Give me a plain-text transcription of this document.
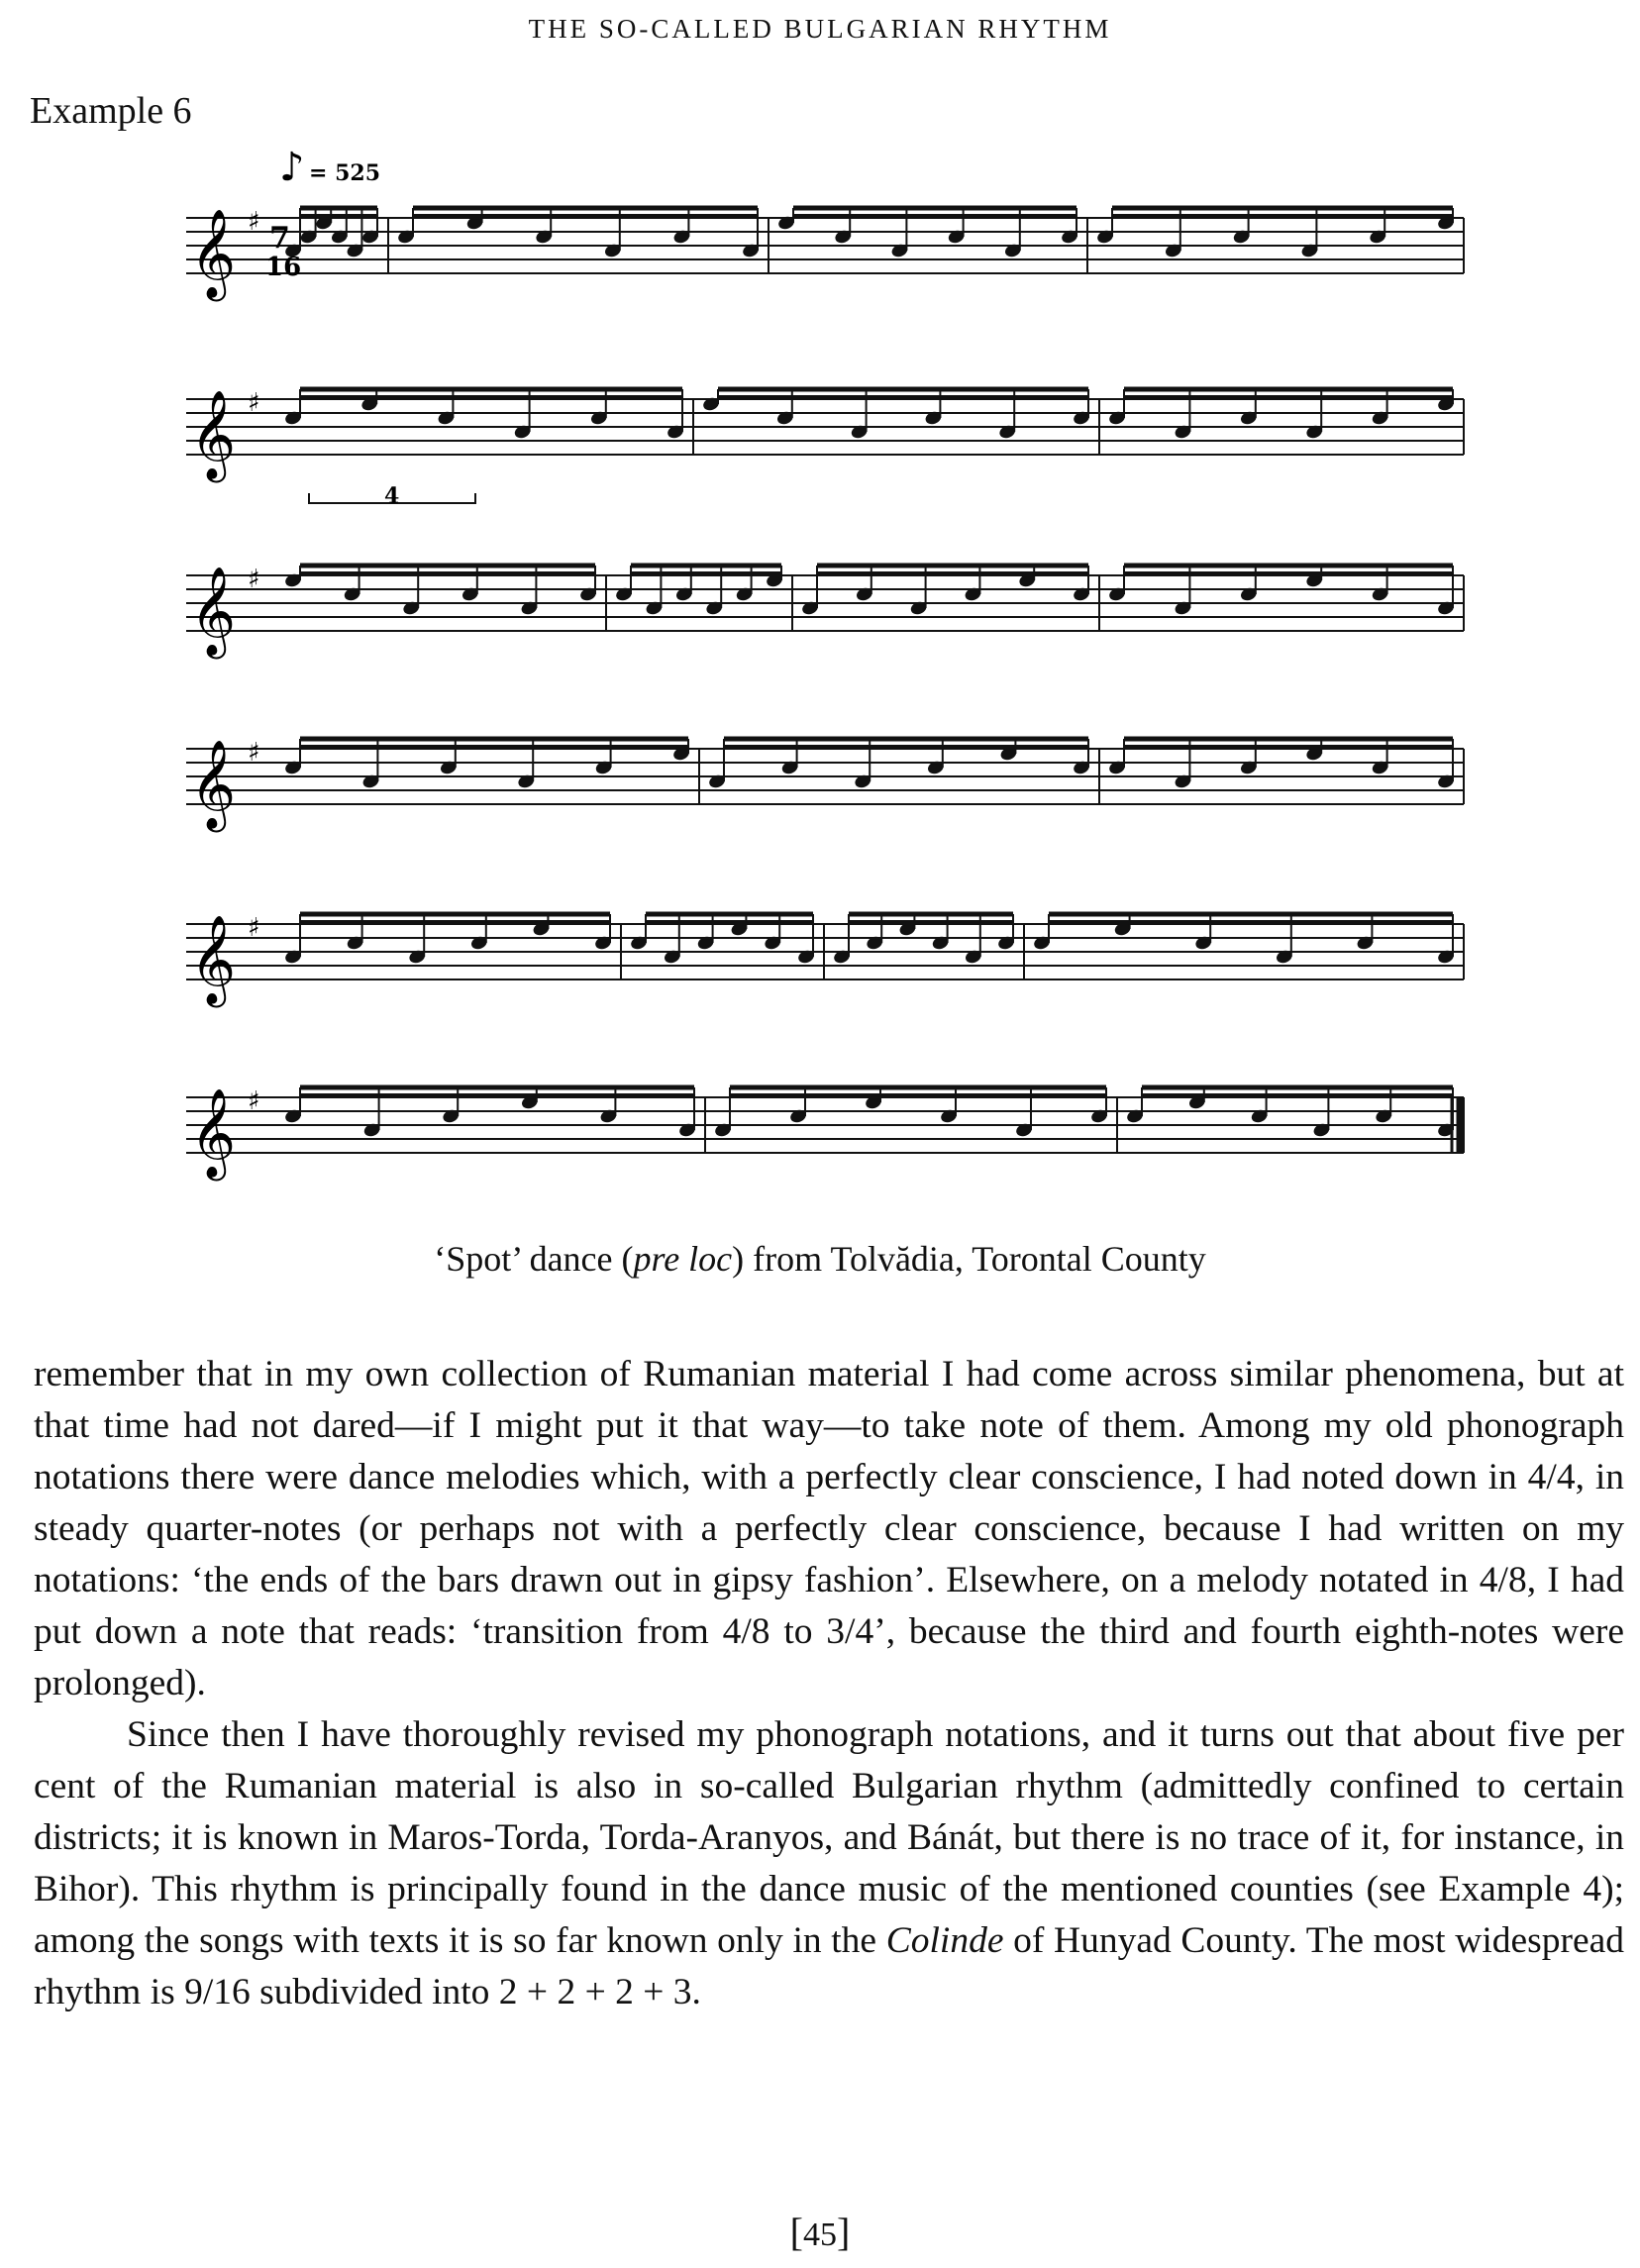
THE SO-CALLED BULGARIAN RHYTHM
Example 6
♪ = 525
𝄞 ♯ 7
16
𝄞 ♯
4
𝄞 ♯
𝄞 ♯
𝄞 ♯
𝄞 ♯
‘Spot’ dance (pre loc) from Tolvădia, Torontal County

remember that in my own collection of Rumanian material I had come across similar phenomena, but at that time had not dared—if I might put it that way—to take note of them. Among my old phonograph notations there were dance melodies which, with a perfectly clear conscience, I had noted down in 4/4, in steady quarter-notes (or perhaps not with a perfectly clear conscience, because I had written on my notations: ‘the ends of the bars drawn out in gipsy fashion’. Elsewhere, on a melody notated in 4/8, I had put down a note that reads: ‘transition from 4/8 to 3/4’, because the third and fourth eighth-notes were prolonged).

Since then I have thoroughly revised my phonograph notations, and it turns out that about five per cent of the Rumanian material is also in so-called Bulgarian rhythm (admittedly confined to certain districts; it is known in Maros-Torda, Torda-Aranyos, and Bánát, but there is no trace of it, for instance, in Bihor). This rhythm is principally found in the dance music of the mentioned counties (see Example 4); among the songs with texts it is so far known only in the Colinde of Hunyad County. The most widespread rhythm is 9/16 subdivided into 2 + 2 + 2 + 3.

[45]
